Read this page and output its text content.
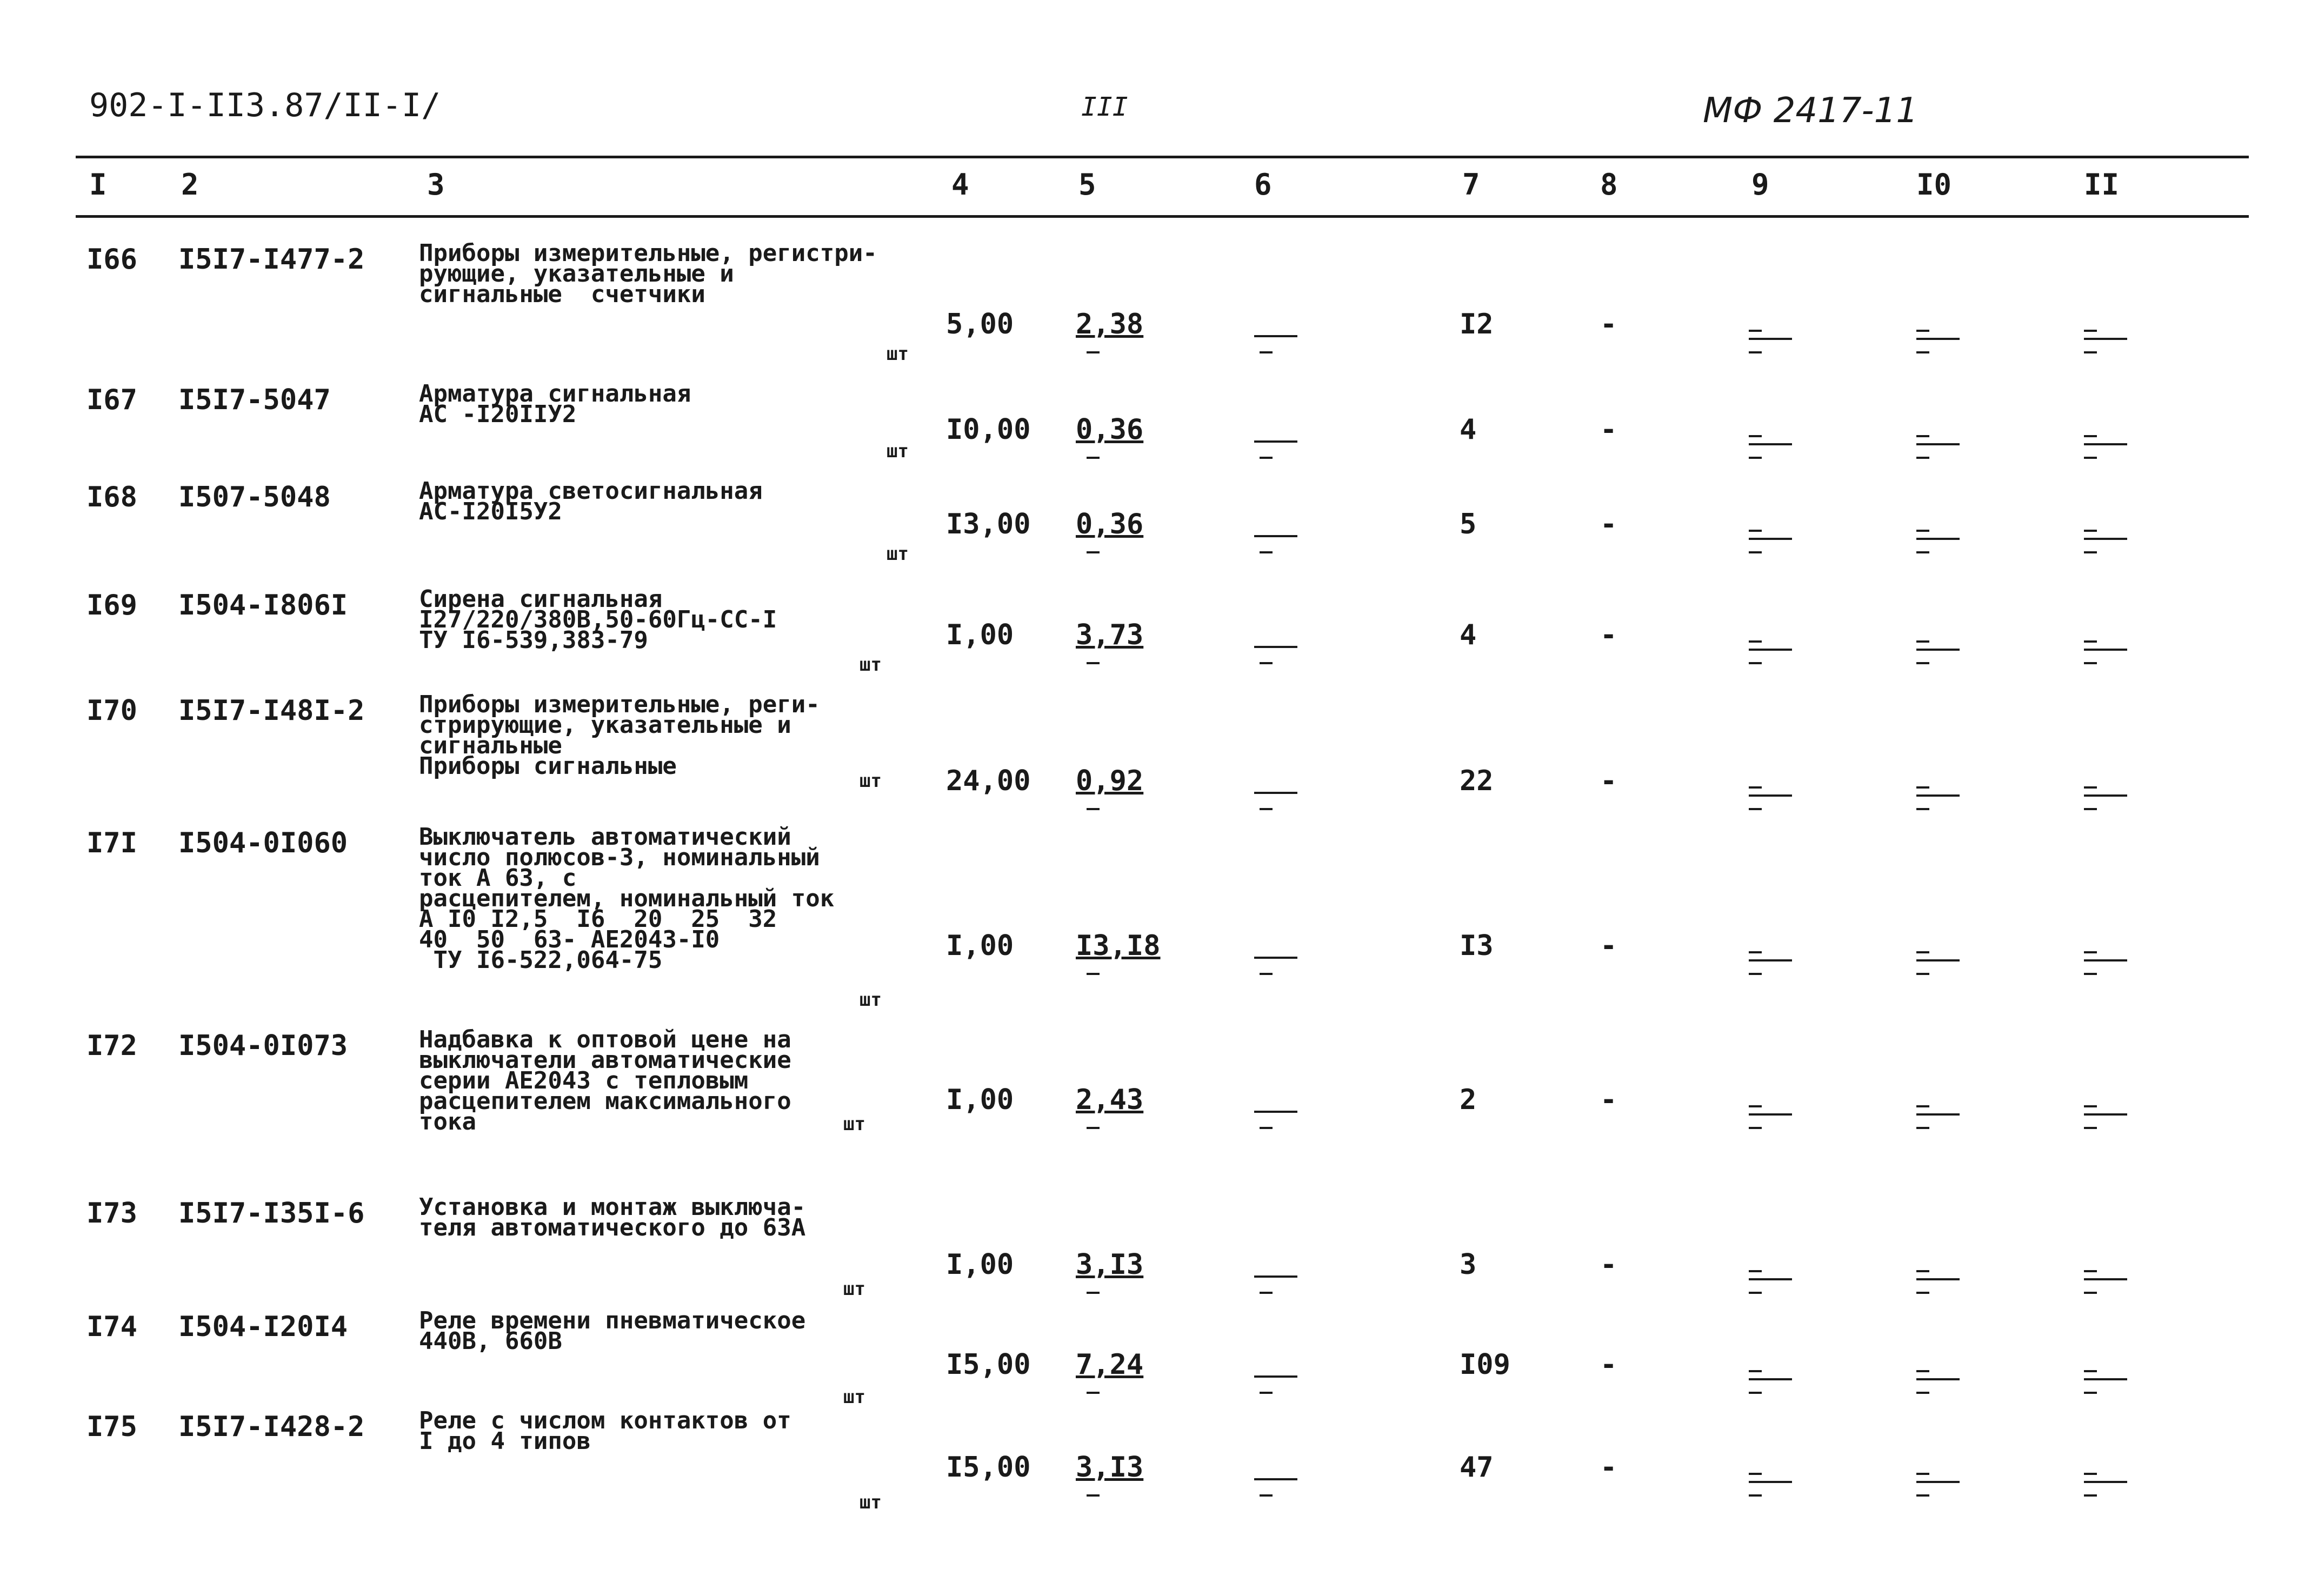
902-I-II3.87/II-I/	III	МФ 2417-11
I	2	3	4	5	6	7	8	9	I0	II
I66 I5I7-I477-2 Приборы измерительные, регистри-
рующие, указательные и
сигнальные  счетчики
шт
5,00 2,38	I2	-
I67 I5I7-5047	Арматура сигнальная
АС -I20IIУ2
шт
I0,00 0,36	4	-
I68 I507-5048	Арматура светосигнальная
АС-I20I5У2
шт
I3,00 0,36	5	-
I69 I504-I806I	Сирена сигнальная
I27/220/380В,50-60Гц-СС-I
ТУ I6-539,383-79
шт
I,00 3,73	4	-
I70 I5I7-I48I-2 Приборы измерительные, реги-
стрирующие, указательные и
сигнальные
Приборы сигнальные
шт 24,00 0,92	22	-
I7I I504-0I060	Выключатель автоматический
число полюсов-3, номинальный
ток А 63, с
расцепителем, номинальный ток
А I0 I2,5  I6  20  25  32
40  50  63- АЕ2043-I0
ТУ I6-522,064-75
шт
I,00 I3,I8	I3	-
I72 I504-0I073	Надбавка к оптовой цене на
выключатели автоматические
серии АЕ2043 с тепловым
расцепителем максимального
тока	шт
I,00 2,43	2	-
I73 I5I7-I35I-6 Установка и монтаж выключа-
теля автоматического до 63А
шт
I,00 3,I3	3	-
I74 I504-I20I4	Реле времени пневматическое
440В, 660В
шт
I5,00 7,24	I09	-
I75 I5I7-I428-2 Реле с числом контактов от
I до 4 типов
шт
I5,00 3,I3	47	-
